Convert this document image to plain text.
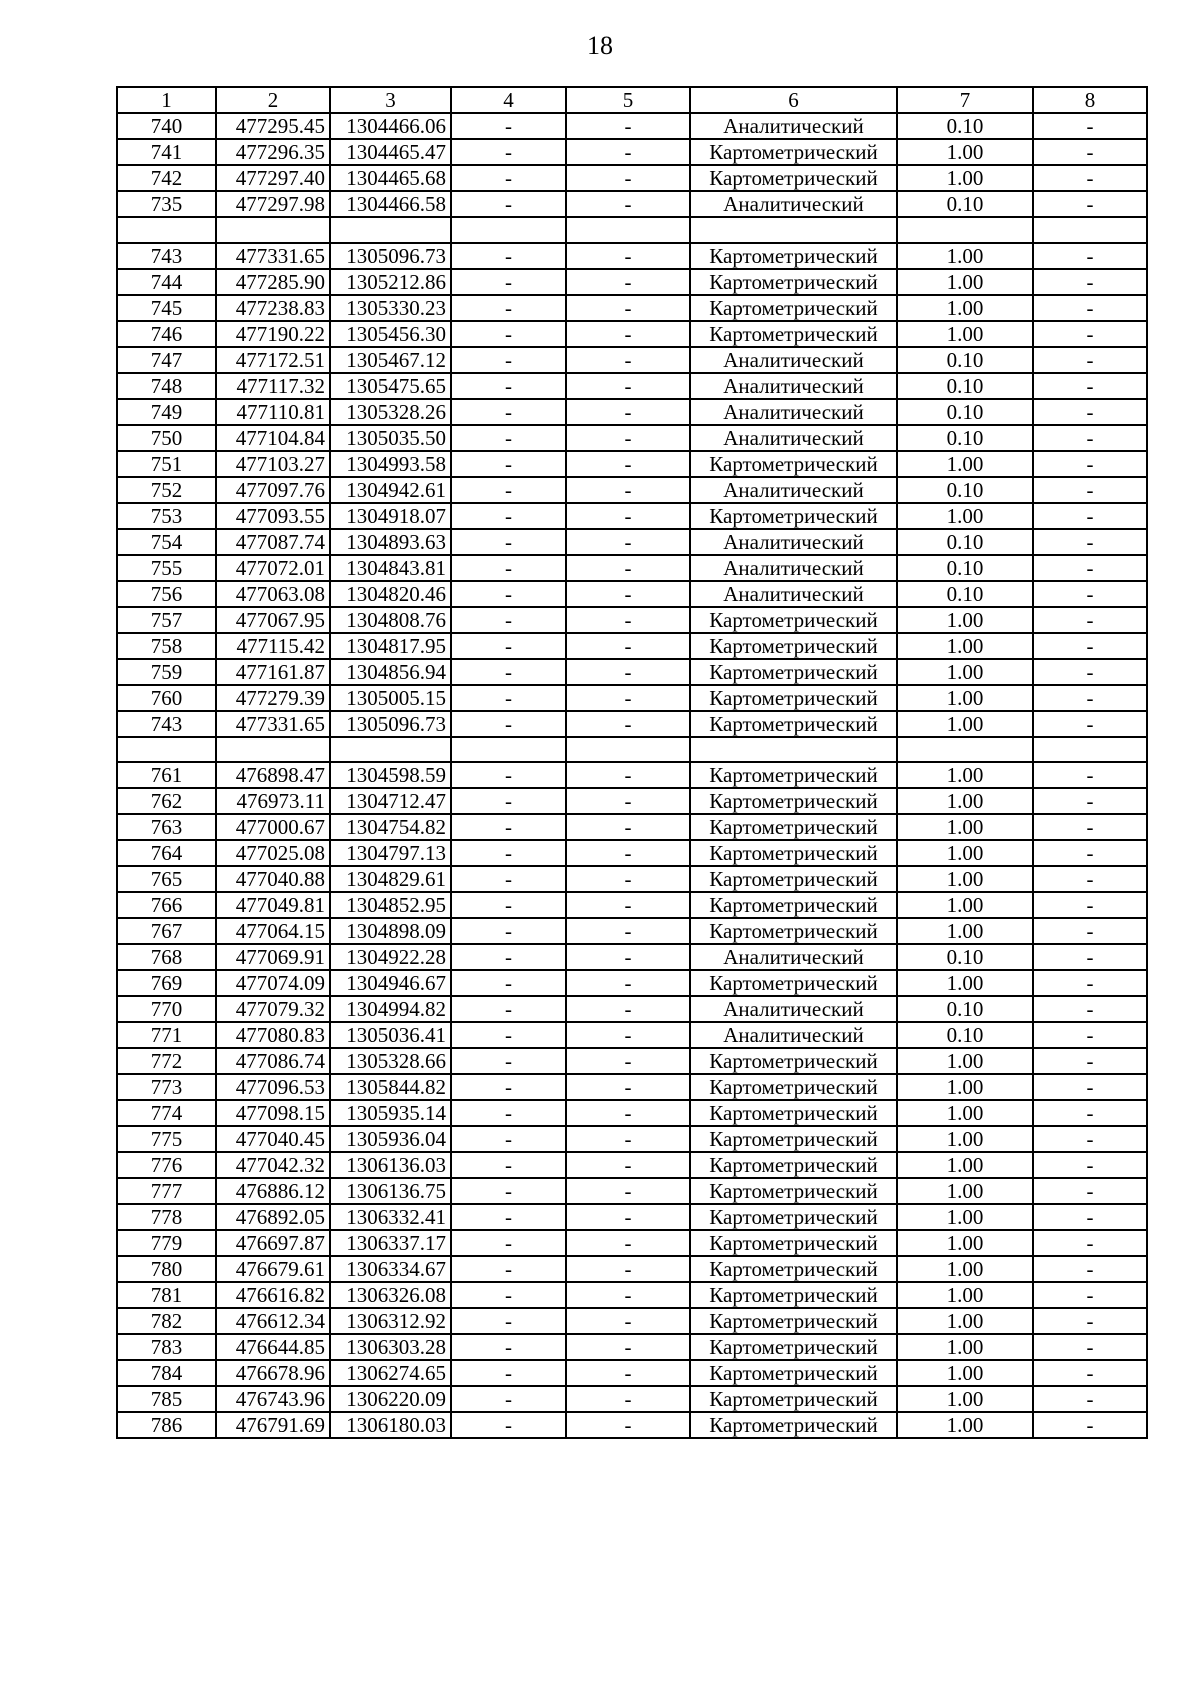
18
1	2	3	4	5	6	7	8
740	477295.45	1304466.06	-	-	Аналитический	0.10	-
741	477296.35	1304465.47	-	-	Картометрический	1.00	-
742	477297.40	1304465.68	-	-	Картометрический	1.00	-
735	477297.98	1304466.58	-	-	Аналитический	0.10	-

743	477331.65	1305096.73	-	-	Картометрический	1.00	-
744	477285.90	1305212.86	-	-	Картометрический	1.00	-
745	477238.83	1305330.23	-	-	Картометрический	1.00	-
746	477190.22	1305456.30	-	-	Картометрический	1.00	-
747	477172.51	1305467.12	-	-	Аналитический	0.10	-
748	477117.32	1305475.65	-	-	Аналитический	0.10	-
749	477110.81	1305328.26	-	-	Аналитический	0.10	-
750	477104.84	1305035.50	-	-	Аналитический	0.10	-
751	477103.27	1304993.58	-	-	Картометрический	1.00	-
752	477097.76	1304942.61	-	-	Аналитический	0.10	-
753	477093.55	1304918.07	-	-	Картометрический	1.00	-
754	477087.74	1304893.63	-	-	Аналитический	0.10	-
755	477072.01	1304843.81	-	-	Аналитический	0.10	-
756	477063.08	1304820.46	-	-	Аналитический	0.10	-
757	477067.95	1304808.76	-	-	Картометрический	1.00	-
758	477115.42	1304817.95	-	-	Картометрический	1.00	-
759	477161.87	1304856.94	-	-	Картометрический	1.00	-
760	477279.39	1305005.15	-	-	Картометрический	1.00	-
743	477331.65	1305096.73	-	-	Картометрический	1.00	-

761	476898.47	1304598.59	-	-	Картометрический	1.00	-
762	476973.11	1304712.47	-	-	Картометрический	1.00	-
763	477000.67	1304754.82	-	-	Картометрический	1.00	-
764	477025.08	1304797.13	-	-	Картометрический	1.00	-
765	477040.88	1304829.61	-	-	Картометрический	1.00	-
766	477049.81	1304852.95	-	-	Картометрический	1.00	-
767	477064.15	1304898.09	-	-	Картометрический	1.00	-
768	477069.91	1304922.28	-	-	Аналитический	0.10	-
769	477074.09	1304946.67	-	-	Картометрический	1.00	-
770	477079.32	1304994.82	-	-	Аналитический	0.10	-
771	477080.83	1305036.41	-	-	Аналитический	0.10	-
772	477086.74	1305328.66	-	-	Картометрический	1.00	-
773	477096.53	1305844.82	-	-	Картометрический	1.00	-
774	477098.15	1305935.14	-	-	Картометрический	1.00	-
775	477040.45	1305936.04	-	-	Картометрический	1.00	-
776	477042.32	1306136.03	-	-	Картометрический	1.00	-
777	476886.12	1306136.75	-	-	Картометрический	1.00	-
778	476892.05	1306332.41	-	-	Картометрический	1.00	-
779	476697.87	1306337.17	-	-	Картометрический	1.00	-
780	476679.61	1306334.67	-	-	Картометрический	1.00	-
781	476616.82	1306326.08	-	-	Картометрический	1.00	-
782	476612.34	1306312.92	-	-	Картометрический	1.00	-
783	476644.85	1306303.28	-	-	Картометрический	1.00	-
784	476678.96	1306274.65	-	-	Картометрический	1.00	-
785	476743.96	1306220.09	-	-	Картометрический	1.00	-
786	476791.69	1306180.03	-	-	Картометрический	1.00	-
